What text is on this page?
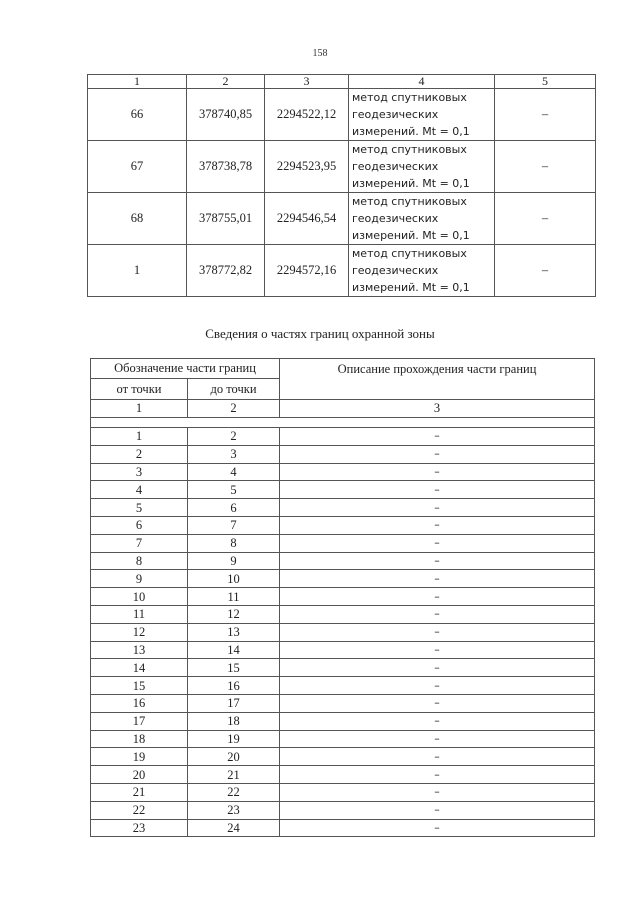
158
1	2	3	4	5
66	378740,85	2294522,12	метод спутниковых
геодезических
измерений. Mt = 0,1	–
67	378738,78	2294523,95	метод спутниковых
геодезических
измерений. Mt = 0,1	–
68	378755,01	2294546,54	метод спутниковых
геодезических
измерений. Mt = 0,1	–
1	378772,82	2294572,16	метод спутниковых
геодезических
измерений. Mt = 0,1	–
Сведения о частях границ охранной зоны
Обозначение части границ		Описание прохождения части границ
от точки	до точки	
1	2	3

1	2	–
2	3	–
3	4	–
4	5	–
5	6	–
6	7	–
7	8	–
8	9	–
9	10	–
10	11	–
11	12	–
12	13	–
13	14	–
14	15	–
15	16	–
16	17	–
17	18	–
18	19	–
19	20	–
20	21	–
21	22	–
22	23	–
23	24	–
